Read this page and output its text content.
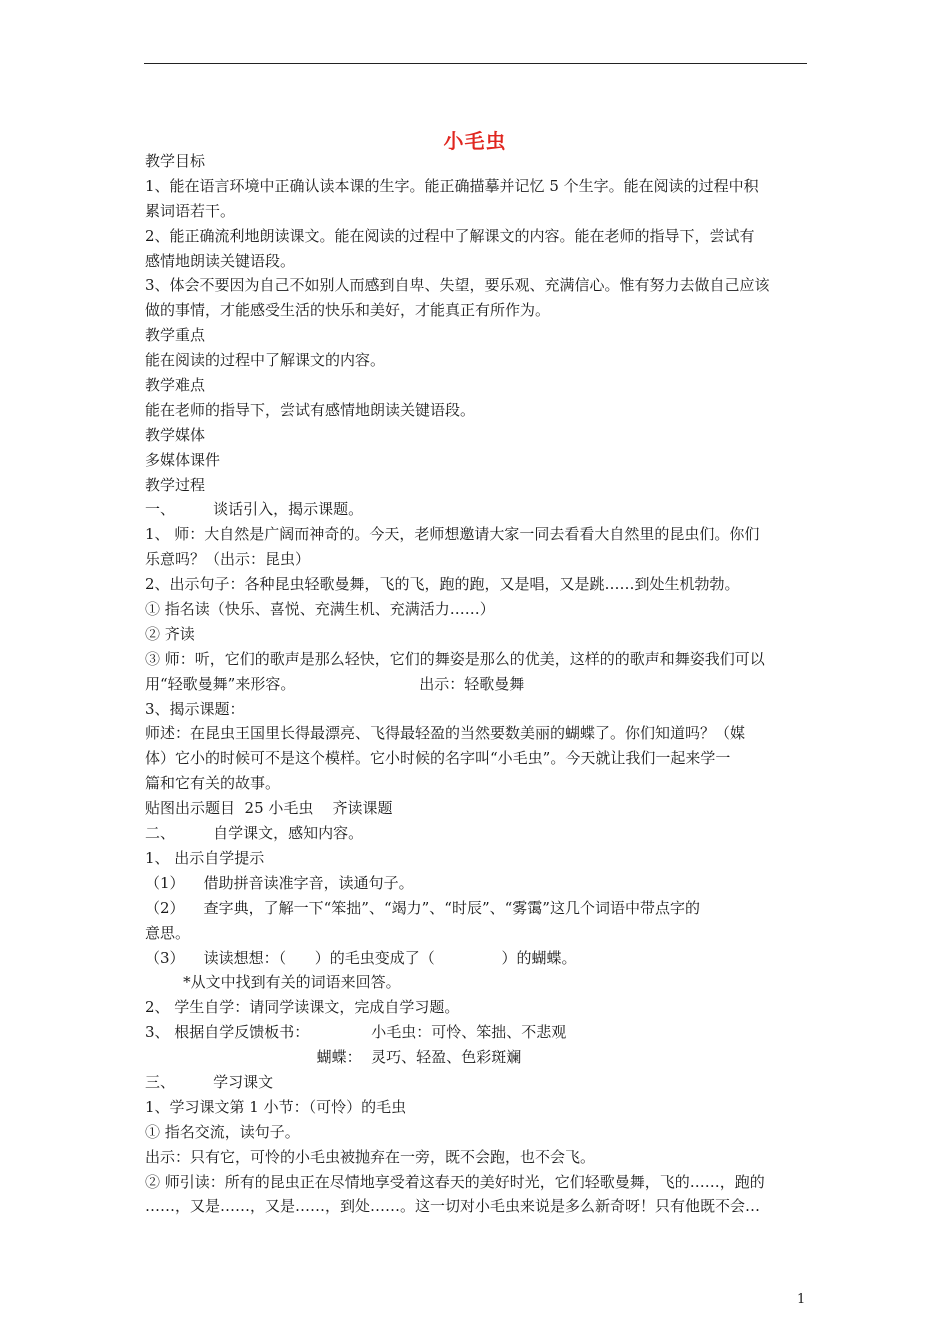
小毛虫
教学目标
1、能在语言环境中正确认读本课的生字。能正确描摹并记忆 5 个生字。能在阅读的过程中积
累词语若干。
2、能正确流利地朗读课文。能在阅读的过程中了解课文的内容。能在老师的指导下，尝试有
感情地朗读关键语段。
3、体会不要因为自己不如别人而感到自卑、失望，要乐观、充满信心。惟有努力去做自己应该
做的事情，才能感受生活的快乐和美好，才能真正有所作为。
教学重点
能在阅读的过程中了解课文的内容。
教学难点
能在老师的指导下，尝试有感情地朗读关键语段。
教学媒体
多媒体课件
教学过程
一、        谈话引入，揭示课题。
1、 师：大自然是广阔而神奇的。今天，老师想邀请大家一同去看看大自然里的昆虫们。你们
乐意吗？（出示：昆虫）
2、出示句子：各种昆虫轻歌曼舞，飞的飞，跑的跑，又是唱，又是跳……到处生机勃勃。
① 指名读（快乐、喜悦、充满生机、充满活力……）
② 齐读
③ 师：听，它们的歌声是那么轻快，它们的舞姿是那么的优美，这样的的歌声和舞姿我们可以
用“轻歌曼舞”来形容。                          出示：轻歌曼舞
3、揭示课题：
师述：在昆虫王国里长得最漂亮、飞得最轻盈的当然要数美丽的蝴蝶了。你们知道吗？（媒
体）它小的时候可不是这个模样。它小时候的名字叫“小毛虫”。今天就让我们一起来学一
篇和它有关的故事。
贴图出示题目  25 小毛虫    齐读课题
二、        自学课文，感知内容。
1、 出示自学提示
（1）    借助拼音读准字音，读通句子。
（2）    查字典，了解一下“笨拙”、“竭力”、“时辰”、“雾霭”这几个词语中带点字的
意思。
（3）    读读想想：（      ）的毛虫变成了（              ）的蝴蝶。
*从文中找到有关的词语来回答。
2、 学生自学：请同学读课文，完成自学习题。
3、 根据自学反馈板书：             小毛虫：可怜、笨拙、不悲观
蝴蝶：  灵巧、轻盈、色彩斑斓
三、        学习课文
1、学习课文第 1 小节：（可怜）的毛虫
① 指名交流，读句子。
出示：只有它，可怜的小毛虫被抛弃在一旁，既不会跑，也不会飞。
② 师引读：所有的昆虫正在尽情地享受着这春天的美好时光，它们轻歌曼舞，飞的……，跑的
……，又是……，又是……，到处……。这一切对小毛虫来说是多么新奇呀！只有他既不会…
1
